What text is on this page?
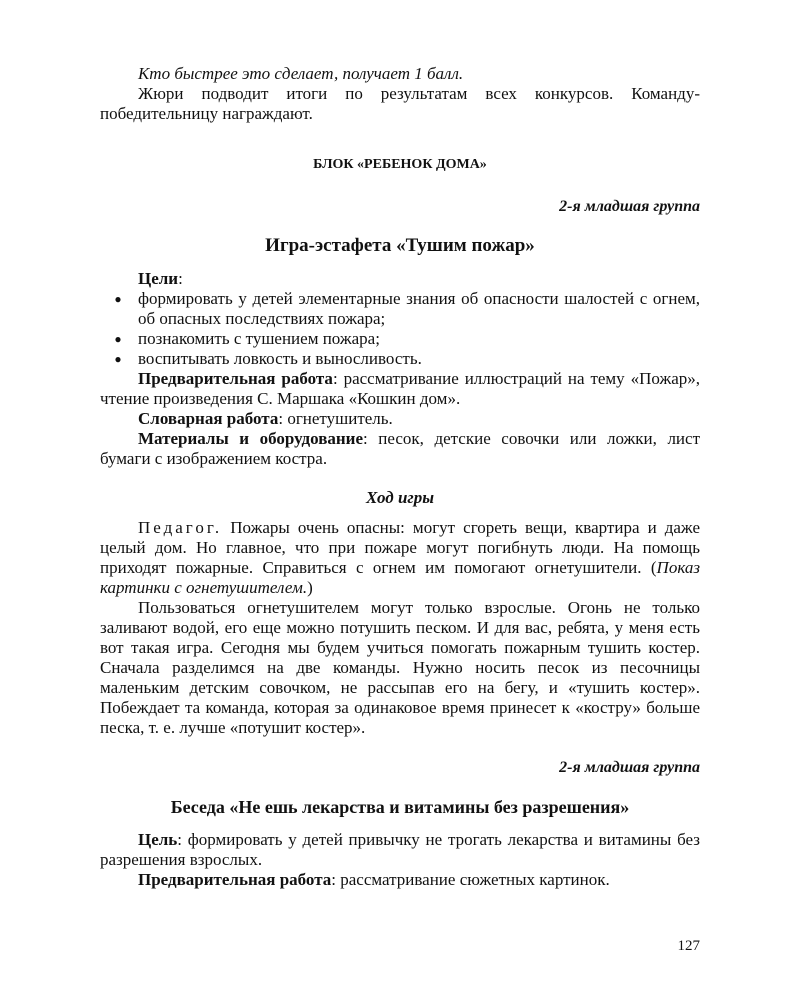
Кто быстрее это сделает, получает 1 балл.

Жюри подводит итоги по результатам всех конкурсов. Команду-победительницу награждают.

БЛОК «РЕБЕНОК ДОМА»

2-я младшая группа

Игра-эстафета «Тушим пожар»

Цели:

● формировать у детей элементарные знания об опасности шалостей с огнем, об опасных последствиях пожара;

● познакомить с тушением пожара;

● воспитывать ловкость и выносливость.

Предварительная работа: рассматривание иллюстраций на тему «Пожар», чтение произведения С. Маршака «Кошкин дом».

Словарная работа: огнетушитель.

Материалы и оборудование: песок, детские совочки или ложки, лист бумаги с изображением костра.

Ход игры

Педагог. Пожары очень опасны: могут сгореть вещи, квартира и даже целый дом. Но главное, что при пожаре могут погибнуть люди. На помощь приходят пожарные. Справиться с огнем им помогают огнетушители. (Показ картинки с огнетушителем.)

Пользоваться огнетушителем могут только взрослые. Огонь не только заливают водой, его еще можно потушить песком. И для вас, ребята, у меня есть вот такая игра. Сегодня мы будем учиться помогать пожарным тушить костер. Сначала разделимся на две команды. Нужно носить песок из песочницы маленьким детским совочком, не рассыпав его на бегу, и «тушить костер». Побеждает та команда, которая за одинаковое время принесет к «костру» больше песка, т. е. лучше «потушит костер».

2-я младшая группа

Беседа «Не ешь лекарства и витамины без разрешения»

Цель: формировать у детей привычку не трогать лекарства и витамины без разрешения взрослых.

Предварительная работа: рассматривание сюжетных картинок.

127
